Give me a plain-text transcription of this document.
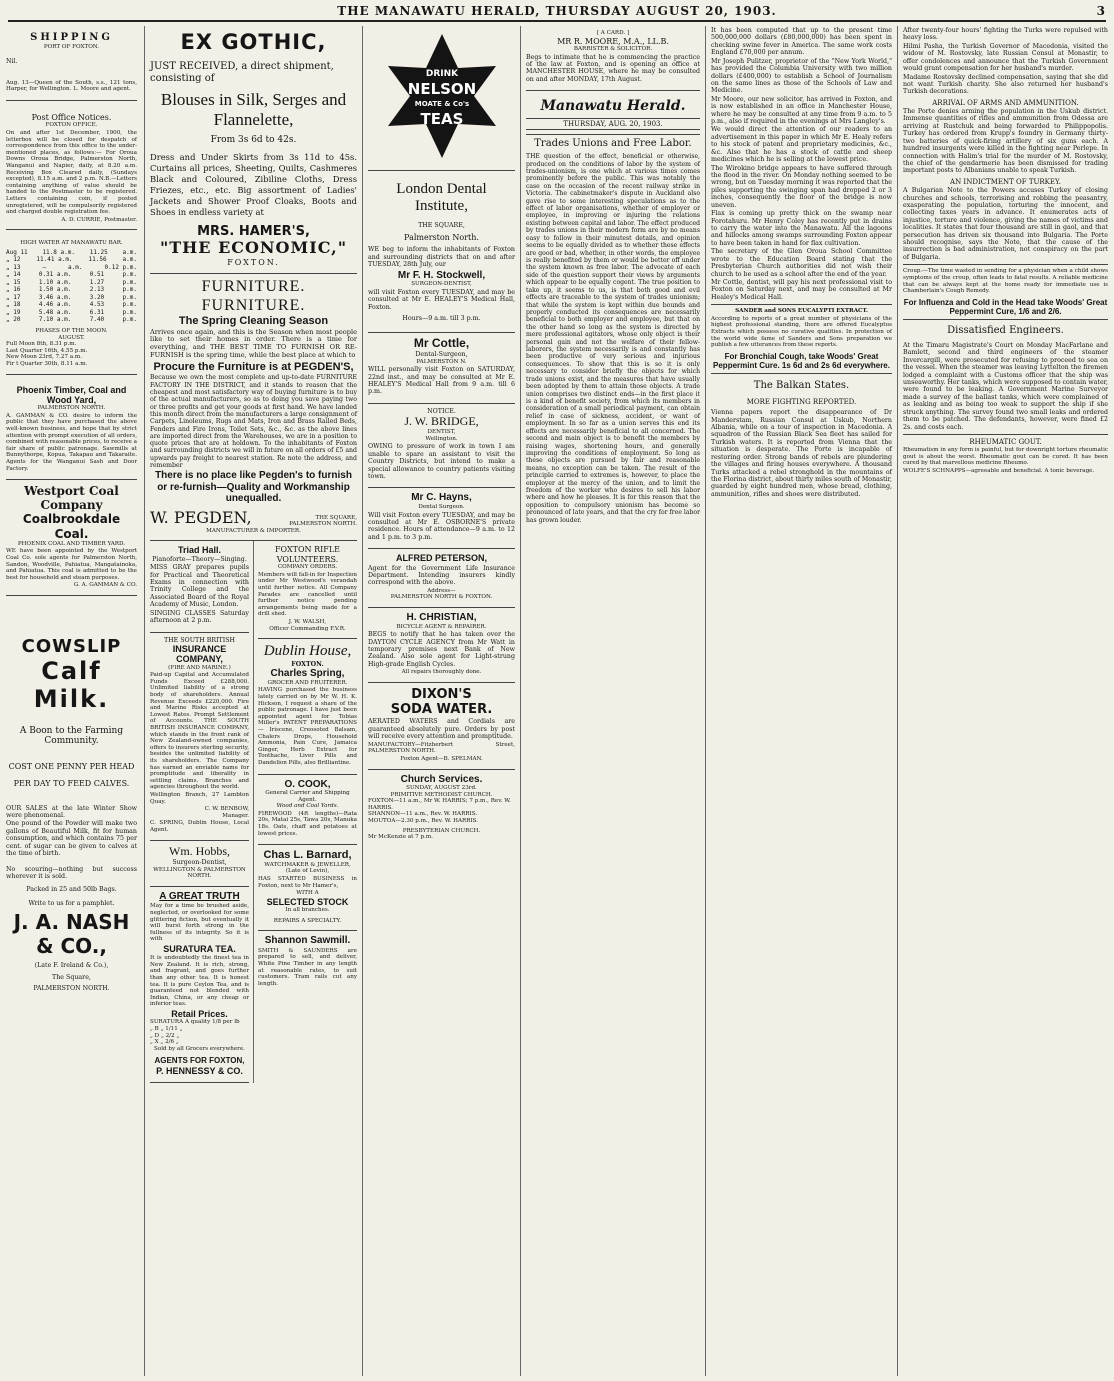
THE MANAWATU HERALD, THURSDAY AUGUST 20, 1903.	3
SHIPPING
PORT OF FOXTON.
Nil.

Aug. 13—Queen of the South, s.s., 121 tons, Harper, for Wellington. L. Moore and agent.

Post Office Notices.
FOXTON OFFICE.

On and after 1st December, 1900, the letterbox will be closed for despatch of correspondence from this office to the under-mentioned places, as follows:— For Oroua Downs Oroua Bridge, Palmerston North, Wanganui and Napier, daily, at 8.20 a.m. Receiving Box Cleared daily, (Sundays excepted), 8.15 a.m. and 2 p.m. N.B.—Letters containing anything of value should be handed to the Postmaster to be registered. Letters containing coin, if posted unregistered, will be compulsorily registered and charged double registration fee.

A. D. CURRIE, Postmaster.
HIGH WATER AT MANAWATU BAR.
Aug 11 11.8 a.m. 11.25 a.m.
„ 12	11.41 a.m.	11.56	a.m.
„ 13	—	a.m.	0.12 p.m.
„ 14	0.31 a.m.	0.51	p.m.
„ 15	1.10 a.m.	1.27	p.m.
„ 16	1.50 a.m.	2.13	p.m.
„ 17	3.46 a.m.	3.20	p.m.
„ 18	4.46 a.m.	4.53	p.m.
„ 19	5.48 a.m.	6.31	p.m.
„ 20	7.10 a.m.	7.40	p.m.
PHASES OF THE MOON.
AUGUST.
Full Moon 8th, 8.31 p.m.
Last Quarter 16th, 4.55 p.m.
New Moon 23rd, 7.27 a.m.
Fir t Quarter 30th, 8.11 a.m.
Phoenix Timber, Coal and Wood Yard,
PALMERSTON NORTH.

A. GAMMAN & CO. desire to inform the public that they have purchased the above well-known business, and hope that by strict attention with prompt execution of all orders, combined with reasonable prices, to receive a fair share of public patronage. Sawmills at Bunnythorpe, Kopua, Takapau and Takaraite. Agents for the Wanganui Sash and Door Factory.

Westport Coal Company
Coalbrookdale Coal.
PHOENIX COAL AND TIMBER YARD.

WE have been appointed by the Westport Coal Co. sole agents for Palmerston North, Sandon, Woodville, Pahiatua, Mangatainoka, and Pahiatua. This coal is admitted to be the best for household and steam purposes.

G. A. GAMMAN & CO.
COWSLIP
Calf Milk.
A Boon to the Farming Community.
COST ONE PENNY PER HEAD PER DAY TO FEED CALVES.

OUR SALES at the late Winter Show were phenomenal.

One pound of the Powder will make two gallons of Beautiful Milk, fit for human consumption, and which contains 75 per cent. of sugar can be given to calves at the time of birth.

No scouring—nothing but success wherever it is sold.

Packed in 25 and 50lb Bags.
Write to us for a pamphlet.
J. A. NASH & CO.,
(Late F. Ireland & Co.),
The Square,
PALMERSTON NORTH.
EX GOTHIC,
JUST RECEIVED, a direct shipment, consisting of
Blouses in Silk, Serges and Flannelette,
From 3s 6d to 42s.

Dress and Under Skirts from 3s 11d to 45s. Curtains all prices, Sheeting, Quilts, Cashmeres Black and Coloured, Zibiline Cloths, Dress Friezes, etc., etc. Big assortment of Ladies' Jackets and Shower Proof Cloaks, Boots and Shoes in endless variety at

MRS. HAMER'S,
"THE ECONOMIC,"
FOXTON.
FURNITURE. FURNITURE.
The Spring Cleaning Season

Arrives once again, and this is the Season when most people like to set their homes in order. There is a time for everything, and THE BEST TIME TO FURNISH OR RE-FURNISH is the spring time, while the best place at which to

Procure the Furniture is at PEGDEN'S,

Because we own the most complete and up-to-date FURNITURE FACTORY IN THE DISTRICT, and it stands to reason that the cheapest and most satisfactory way of buying furniture is to buy of the actual manufacturers, so as to doing you save paying two or three profits and get your goods at first hand. We have landed this month direct from the manufacturers a large consignment of Carpets, Linoleums, Rugs and Mats, Iron and Brass Railed Beds, Fenders and Fire Irons, Toilet Sets, &c., &c. as the above lines are imported direct from the Warehouses, we are in a position to quote prices that are at holdown. To the inhabitants of Foxton and surrounding districts we will in future on all orders of £5 and upwards pay freight to nearest station. Re note the address, and remember

There is no place like Pegden's to furnish or re-furnish—Quality and Workmanship unequalled.
W. PEGDEN,	THE SQUARE, PALMERSTON NORTH.
MANUFACTURER & IMPORTER.
Triad Hall.
Pianoforte—Theory—Singing.

MISS GRAY prepares pupils for Practical and Theoretical Exams in connection with Trinity College and the Associated Board of the Royal Academy of Music, London.

SINGING CLASSES Saturday afternoon at 2 p.m.

THE SOUTH BRITISH
INSURANCE COMPANY,
(FIRE AND MARINE.)

Paid-up Capital and Accumulated Funds Exceed £288,000. Unlimited liability of a strong body of shareholders. Annual Revenue Exceeds £220,000. Fire and Marine Risks accepted at Lowest Rates. Prompt Settlement of Accounts. THE SOUTH BRITISH INSURANCE COMPANY, which stands in the front rank of New Zealand-owned companies, offers to insurers sterling security, besides the unlimited liability of its shareholders. The Company has earned an enviable name for promptitude and liberality in settling claims. Branches and agencies throughout the world.

Wellington Branch, 27 Lambton Quay.

C. W. BENBOW,
Manager.

C. SPRING, Dublin House, Local Agent.

Wm. Hobbs,
Surgeon-Dentist,
WELLINGTON & PALMERSTON NORTH.
A GREAT TRUTH

May for a time be brushed aside, neglected, or overlooked for some glittering fiction, but eventually it will burst forth strong in the fullness of its integrity. So it is with

SURATURA TEA.

It is undoubtedly the finest tea in New Zealand. It is rich, strong, and fragrant, and goes further than any other tea. It is honest tea. It is pure Ceylon Tea, and is guaranteed not blended with Indian, China, or any cheap or inferior teas.

Retail Prices.
SURATURA A quality 1/8 per lb
„ B „ 1/11 „
„ D „ 2/2 „
„ X „ 2/6 „
Sold by all Grocers everywhere.
AGENTS FOR FOXTON,
P. HENNESSY & CO.
FOXTON RIFLE VOLUNTEERS.
COMPANY ORDERS.

Members will fall-in for Inspection under Mr Westwood's verandah until further notice. All Company Parades are cancelled until further notice pending arrangements being made for a drill shed.

J. W. WALSH,
Officer Commanding F.V.R.
Dublin House,
FOXTON.
Charles Spring,
GROCER AND FRUITERER.

HAVING purchased the business lately carried on by Mr W. H. K. Hickson, I request a share of the public patronage. I have just been appointed agent for Tobias Miller's PATENT PREPARATIONS — Iriscene, Creosoted Balsam, Chalers Drops, Household Ammonia, Pain Cure, Jamaica Ginger, Herb Extract for Toothache, Liver Pills and Dandelion Pills, also Brilliantine.

O. COOK,
General Carrier and Shipping Agent.
Wood and Coal Yards.

FIREWOOD (4ft lengths)—Rata 20s, Matai 25s, Tawa 20s, Manuka 18s. Oats, chaff and potatoes at lowest prices.

Chas L. Barnard,
WATCHMAKER & JEWELLER,
(Late of Levin),

HAS STARTED BUSINESS in Foxton, next to Mr Hamer's,

WITH A
SELECTED STOCK
In all branches.
REPAIRS A SPECIALTY.
Shannon Sawmill.

SMITH & SAUNDERS are prepared to sell, and deliver, White Pine Timber in any length at reasonable rates, to suit customers. Tram rails cut any length.

DRINK
NELSON
MOATE & Co's
TEAS
London Dental Institute,
THE SQUARE,
Palmerston North.

WE beg to inform the inhabitants of Foxton and surrounding districts that on and after TUESDAY, 28th July, our

Mr F. H. Stockwell,
SURGEON-DENTIST,

will visit Foxton every TUESDAY, and may be consulted at Mr E. HEALEY'S Medical Hall, Foxton.

Hours—9 a.m. till 3 p.m.
Mr Cottle,
Dental-Surgeon,
PALMERSTON N.

WILL personally visit Foxton on SATURDAY, 22nd inst., and may be consulted at Mr E. HEALEY'S Medical Hall from 9 a.m. till 6 p.m.

NOTICE.
J. W. BRIDGE,
DENTIST,
Wellington.

OWING to pressure of work in town I am unable to spare an assistant to visit the Country Districts, but intend to make a special allowance to country patients visiting town.

Mr C. Hayns,
Dental Surgeon.

Will visit Foxton every TUESDAY, and may be consulted at Mr E. OSBORNE'S private residence. Hours of attendance—9 a.m. to 12 and 1 p.m. to 3 p.m.

ALFRED PETERSON,

Agent for the Government Life Insurance Department. Intending insurers kindly correspond with the above.

Address—
PALMERSTON NORTH & FOXTON.
H. CHRISTIAN,
BICYCLE AGENT & REPAIRER.

BEGS to notify that he has taken over the DAYTON CYCLE AGENCY from Mr Watt in temporary premises next Bank of New Zealand. Also sole agent for Light-strung High-grade English Cycles.

All repairs thoroughly done.
DIXON'S
SODA WATER.

AERATED WATERS and Cordials are guaranteed absolutely pure. Orders by post will receive every attention and promptitude.

MANUFACTORY—Fitzherbert Street, PALMERSTON NORTH.

Foxton Agent—B. SPELMAN.
Church Services.
SUNDAY, AUGUST 23rd.
PRIMITIVE METHODIST CHURCH.
FOXTON—11 a.m., Mr W. HARRIS; 7 p.m., Rev. W. HARRIS.
SHANNON—11 a.m., Rev. W. HARRIS.
MOUTOA—2.30 p.m., Rev. W. HARRIS.
PRESBYTERIAN CHURCH.
Mr McKenzie at 7 p.m.
[ A CARD. ]
MR R. MOORE, M.A., LL.B.
BARRISTER & SOLICITOR.

Begs to intimate that he is commencing the practice of the law at Foxton, and is opening an office at MANCHESTER HOUSE, where he may be consulted on and after MONDAY, 17th August.

Manawatu Herald.
THURSDAY, AUG. 20, 1903.
Trades Unions and Free Labor.

THE question of the effect, beneficial or otherwise, produced on the conditions of labor by the system of trades-unionism, is one which at various times comes prominently before the public. This was notably the case on the occasion of the recent railway strike in Victoria. The cabinetmaker's dispute in Auckland also gave rise to some interesting speculations as to the effect of labor organisations, whether of employer or employee, in improving or injuring the relations existing between capital and labor. The effect produced by trades unions in their modern form are by no means easy to follow in their minutest details, and opinion seems to be equally divided as to whether these effects are good or bad, whether, in other words, the employee is really benefited by them or would be better off under the system known as free labor. The advocate of each side of the question support their views by arguments which appear to be equally cogent. The true position to take up, it seems to us, is that both good and evil effects are traceable to the system of trades unionism; that while the system is kept within due bounds and properly conducted its consequences are necessarily beneficial to both employer and employee, but that on the other hand so long as the system is directed by mere professional agitators, whose only object is their personal gain and not the welfare of their fellow-laborers, the system necessarily is and constantly has been productive of very serious and injurious consequences. To show that this is so it is only necessary to consider briefly the objects for which trade unions exist, and the measures that have usually been adopted by them to attain those objects. A trade union comprises two distinct ends—in the first place it is a kind of benefit society, from which its members in consideration of a small periodical payment, can obtain relief in case of sickness, accident, or want of employment. In so far as a union serves this end its effects are necessarily beneficial to all concerned. The second and main object is to benefit the members by raising wages, shortening hours, and generally improving the conditions of employment. So long as these objects are pursued by fair and reasonable means, no exception can be taken. The result of the principle carried to extremes is, however, to place the employer at the mercy of the union, and to limit the freedom of the worker who desires to sell his labor where and how he pleases. It is for this reason that the opposition to compulsory unionism has become so pronounced of late years, and that the cry for free labor has grown louder.

It has been computed that up to the present time 500,000,000 dollars (£80,000,000) has been spent in checking swine fever in America. The same work costs England £70,000 per annum.

Mr Joseph Pulitzer, proprietor of the "New York World," has provided the Columbia University with two million dollars (£400,000) to establish a School of Journalism on the same lines as those of the Schools of Law and Medicine.

Mr Moore, our new solicitor, has arrived in Foxton, and is now established in an office in Manchester House, where he may be consulted at any time from 9 a.m. to 5 p.m., also if required in the evenings at Mrs Langley's.

We would direct the attention of our readers to an advertisement in this paper in which Mr E. Healy refers to his stock of patent and proprietary medicines, &c., &c. Also that he has a stock of cattle and sheep medicines which he is selling at the lowest price.

The Wirokino bridge appears to have suffered through the flood in the river. On Monday nothing seemed to be wrong, but on Tuesday morning it was reported that the piles supporting the swinging span had dropped 2 or 3 inches, consequently the floor of the bridge is now uneven.

Flax is coming up pretty thick on the swamp near Forotahuru. Mr Henry Coley has recently put in drains to carry the water into the Manawatu. All the lagoons and hillocks among swamps surrounding Foxton appear to have been taken in hand for flax cultivation.

The secretary of the Glen Oroua School Committee wrote to the Education Board stating that the Presbyterian Church authorities did not wish their church to be used as a school after the end of the year.

Mr Cottle, dentist, will pay his next professional visit to Foxton on Saturday next, and may be consulted at Mr Healey's Medical Hall.

SANDER and SONS EUCALYPTI EXTRACT.

According to reports of a great number of physicians of the highest professional standing, there are offered Eucalyptus Extracts which possess no curative qualities. In protection of the world wide fame of Sanders and Sons preparation we publish a few utterances from these reports.

For Bronchial Cough, take Woods' Great Peppermint Cure. 1s 6d and 2s 6d everywhere.
The Balkan States.
MORE FIGHTING REPORTED.

Vienna papers report the disappearance of Dr Manderstam, Russian Consul at Uskub, Northern Albania, while on a tour of inspection in Macedonia. A squadron of the Russian Black Sea fleet has sailed for Turkish waters. It is reported from Vienna that the situation is desperate. The Porte is incapable of restoring order. Strong bands of rebels are plundering the villages and firing houses everywhere. A thousand Turks attacked a rebel stronghold in the mountains of the Florina district, about thirty miles south of Monastir, guarded by eight hundred men, whose bread, clothing, ammunition, rifles and shoes were distributed.

After twenty-four hours' fighting the Turks were repulsed with heavy loss.

Hilmi Pasha, the Turkish Governor of Macedonia, visited the widow of M. Rostovsky, late Russian Consul at Monastir, to offer condolences and announce that the Turkish Government would grant compensation for her husband's murder.

Madame Rostovsky declined compensation, saying that she did not want Turkish charity. She also returned her husband's Turkish decorations.

ARRIVAL OF ARMS AND AMMUNITION.

The Porte denies arming the population in the Uskub district. Immense quantities of rifles and ammunition from Odessa are arriving at Rustchuk and being forwarded to Philippopolis. Turkey has ordered from Krupp's foundry in Germany thirty-two batteries of quick-firing artillery of six guns each. A hundred insurgents were killed in the fighting near Perlepe. In connection with Halim's trial for the murder of M. Rostovsky, the chief of the gendarmerie has been dismissed for trading important posts to Albanians unable to speak Turkish.

AN INDICTMENT OF TURKEY.

A Bulgarian Note to the Powers accuses Turkey of closing churches and schools, terrorising and robbing the peasantry, exasperating the population, torturing the innocent, and collecting taxes years in advance. It enumerates acts of injustice, torture and violence, giving the names of victims and localities. It states that four thousand are still in gaol, and that persecution has driven six thousand into Bulgaria. The Porte should recognise, says the Note, that the cause of the insurrection is bad administration, not conspiracy on the part of Bulgaria.

Croup.—The time wasted in sending for a physician when a child shows symptoms of the croup, often leads to fatal results. A reliable medicine that can be always kept at the home ready for immediate use is Chamberlain's Cough Remedy.

For Influenza and Cold in the Head take Woods' Great Peppermint Cure, 1/6 and 2/6.
Dissatisfied Engineers.

At the Timaru Magistrate's Court on Monday MacFarlane and Bamlett, second and third engineers of the steamer Invercargill, were prosecuted for refusing to proceed to sea on the vessel. When the steamer was leaving Lyttelton the firemen lodged a complaint with a Customs officer that the ship was unseaworthy. Her tanks, which were supposed to contain water, were found to be leaking. A Government Marine Surveyor made a survey of the ballast tanks, which were complained of as leaking and as being too weak to support the ship if she struck anything. The survey found two small leaks and ordered them to be patched. The defendants, however, were fined £2 2s. and costs each.

RHEUMATIC GOUT.

Rheumatism in any form is painful, but for downright torture rheumatic gout is about the worst. Rheumatic gout can be cured. It has been cured by that marvellous medicine Rheumo.

WOLFE'S SCHNAPPS—agreeable and beneficial. A tonic beverage.
